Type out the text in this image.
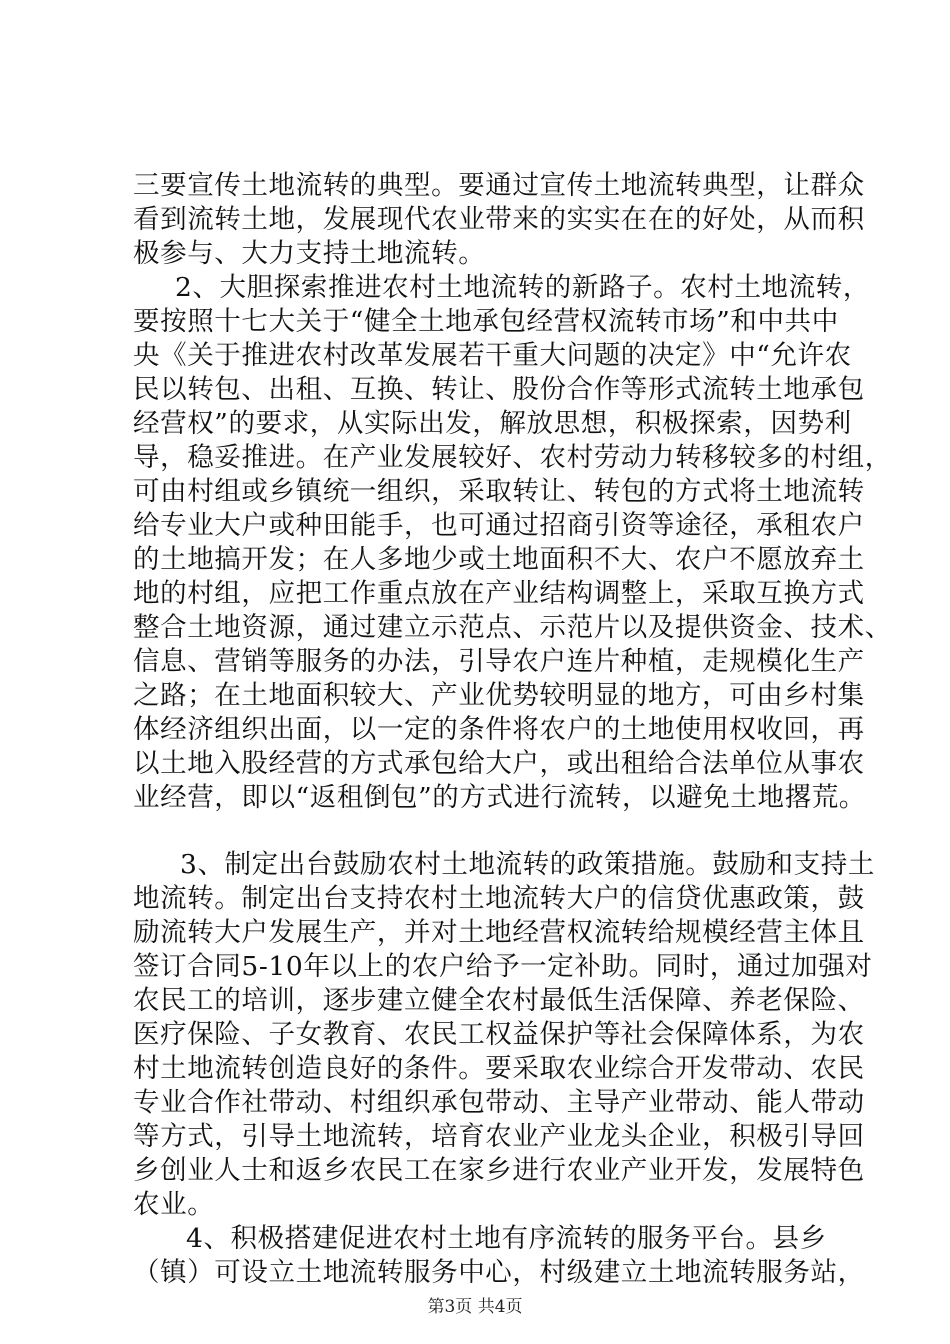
三要宣传土地流转的典型。要通过宣传土地流转典型，让群众
看到流转土地，发展现代农业带来的实实在在的好处，从而积
极参与、大力支持土地流转。
2、大胆探索推进农村土地流转的新路子。农村土地流转，
要按照十七大关于“健全土地承包经营权流转市场”和中共中
央《关于推进农村改革发展若干重大问题的决定》中“允许农
民以转包、出租、互换、转让、股份合作等形式流转土地承包
经营权”的要求，从实际出发，解放思想，积极探索，因势利
导，稳妥推进。在产业发展较好、农村劳动力转移较多的村组，
可由村组或乡镇统一组织，采取转让、转包的方式将土地流转
给专业大户或种田能手，也可通过招商引资等途径，承租农户
的土地搞开发；在人多地少或土地面积不大、农户不愿放弃土
地的村组，应把工作重点放在产业结构调整上，采取互换方式
整合土地资源，通过建立示范点、示范片以及提供资金、技术、
信息、营销等服务的办法，引导农户连片种植，走规模化生产
之路；在土地面积较大、产业优势较明显的地方，可由乡村集
体经济组织出面，以一定的条件将农户的土地使用权收回，再
以土地入股经营的方式承包给大户，或出租给合法单位从事农
业经营，即以“返租倒包”的方式进行流转，以避免土地撂荒。
3、制定出台鼓励农村土地流转的政策措施。鼓励和支持土
地流转。制定出台支持农村土地流转大户的信贷优惠政策，鼓
励流转大户发展生产，并对土地经营权流转给规模经营主体且
签订合同5-10年以上的农户给予一定补助。同时，通过加强对
农民工的培训，逐步建立健全农村最低生活保障、养老保险、
医疗保险、子女教育、农民工权益保护等社会保障体系，为农
村土地流转创造良好的条件。要采取农业综合开发带动、农民
专业合作社带动、村组织承包带动、主导产业带动、能人带动
等方式，引导土地流转，培育农业产业龙头企业，积极引导回
乡创业人士和返乡农民工在家乡进行农业产业开发，发展特色
农业。
4、积极搭建促进农村土地有序流转的服务平台。县乡
（镇）可设立土地流转服务中心，村级建立土地流转服务站，
第3页 共4页
